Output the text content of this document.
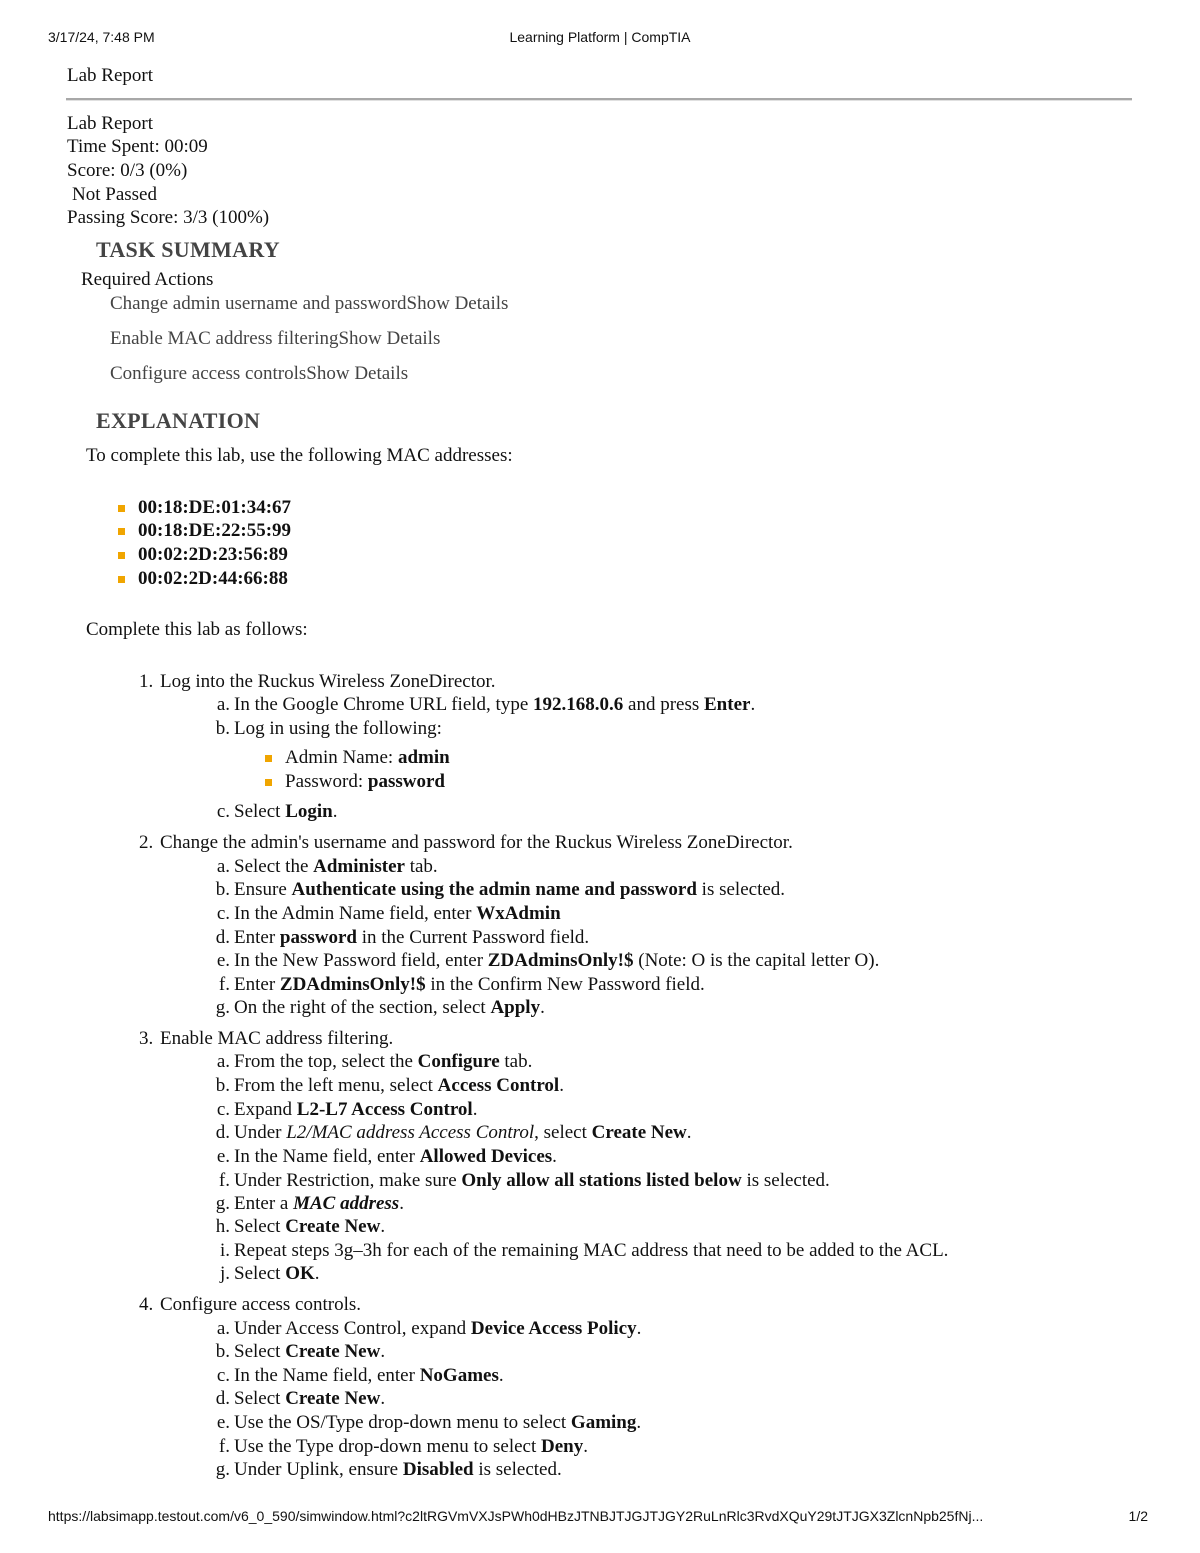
3/17/24, 7:48 PM	Learning Platform | CompTIA
Lab Report
Lab Report
Time Spent: 00:09
Score: 0/3 (0%)
Not Passed
Passing Score: 3/3 (100%)
TASK SUMMARY
Required Actions
Change admin username and passwordShow Details
Enable MAC address filteringShow Details
Configure access controlsShow Details
EXPLANATION
To complete this lab, use the following MAC addresses:
00:18:DE:01:34:67
00:18:DE:22:55:99
00:02:2D:23:56:89
00:02:2D:44:66:88
Complete this lab as follows:
1. Log into the Ruckus Wireless ZoneDirector.
a. In the Google Chrome URL field, type 192.168.0.6 and press Enter.
b. Log in using the following:
c. Select Login.
Admin Name: admin
Password: password
2. Change the admin's username and password for the Ruckus Wireless ZoneDirector.
a. Select the Administer tab.
b. Ensure Authenticate using the admin name and password is selected.
c. In the Admin Name field, enter WxAdmin
d. Enter password in the Current Password field.
e. In the New Password field, enter ZDAdminsOnly!$ (Note: O is the capital letter O).
f. Enter ZDAdminsOnly!$ in the Confirm New Password field.
g. On the right of the section, select Apply.
3. Enable MAC address filtering.
a. From the top, select the Configure tab.
b. From the left menu, select Access Control.
c. Expand L2-L7 Access Control.
d. Under L2/MAC address Access Control, select Create New.
e. In the Name field, enter Allowed Devices.
f. Under Restriction, make sure Only allow all stations listed below is selected.
g. Enter a MAC address.
h. Select Create New.
i. Repeat steps 3g–3h for each of the remaining MAC address that need to be added to the ACL.
j. Select OK.
4. Configure access controls.
a. Under Access Control, expand Device Access Policy.
b. Select Create New.
c. In the Name field, enter NoGames.
d. Select Create New.
e. Use the OS/Type drop-down menu to select Gaming.
f. Use the Type drop-down menu to select Deny.
g. Under Uplink, ensure Disabled is selected.
https://labsimapp.testout.com/v6_0_590/simwindow.html?c2ltRGVmVXJsPWh0dHBzJTNBJTJGJTJGY2RuLnRlc3RvdXQuY29tJTJGX3ZlcnNpb25fNj...	1/2
